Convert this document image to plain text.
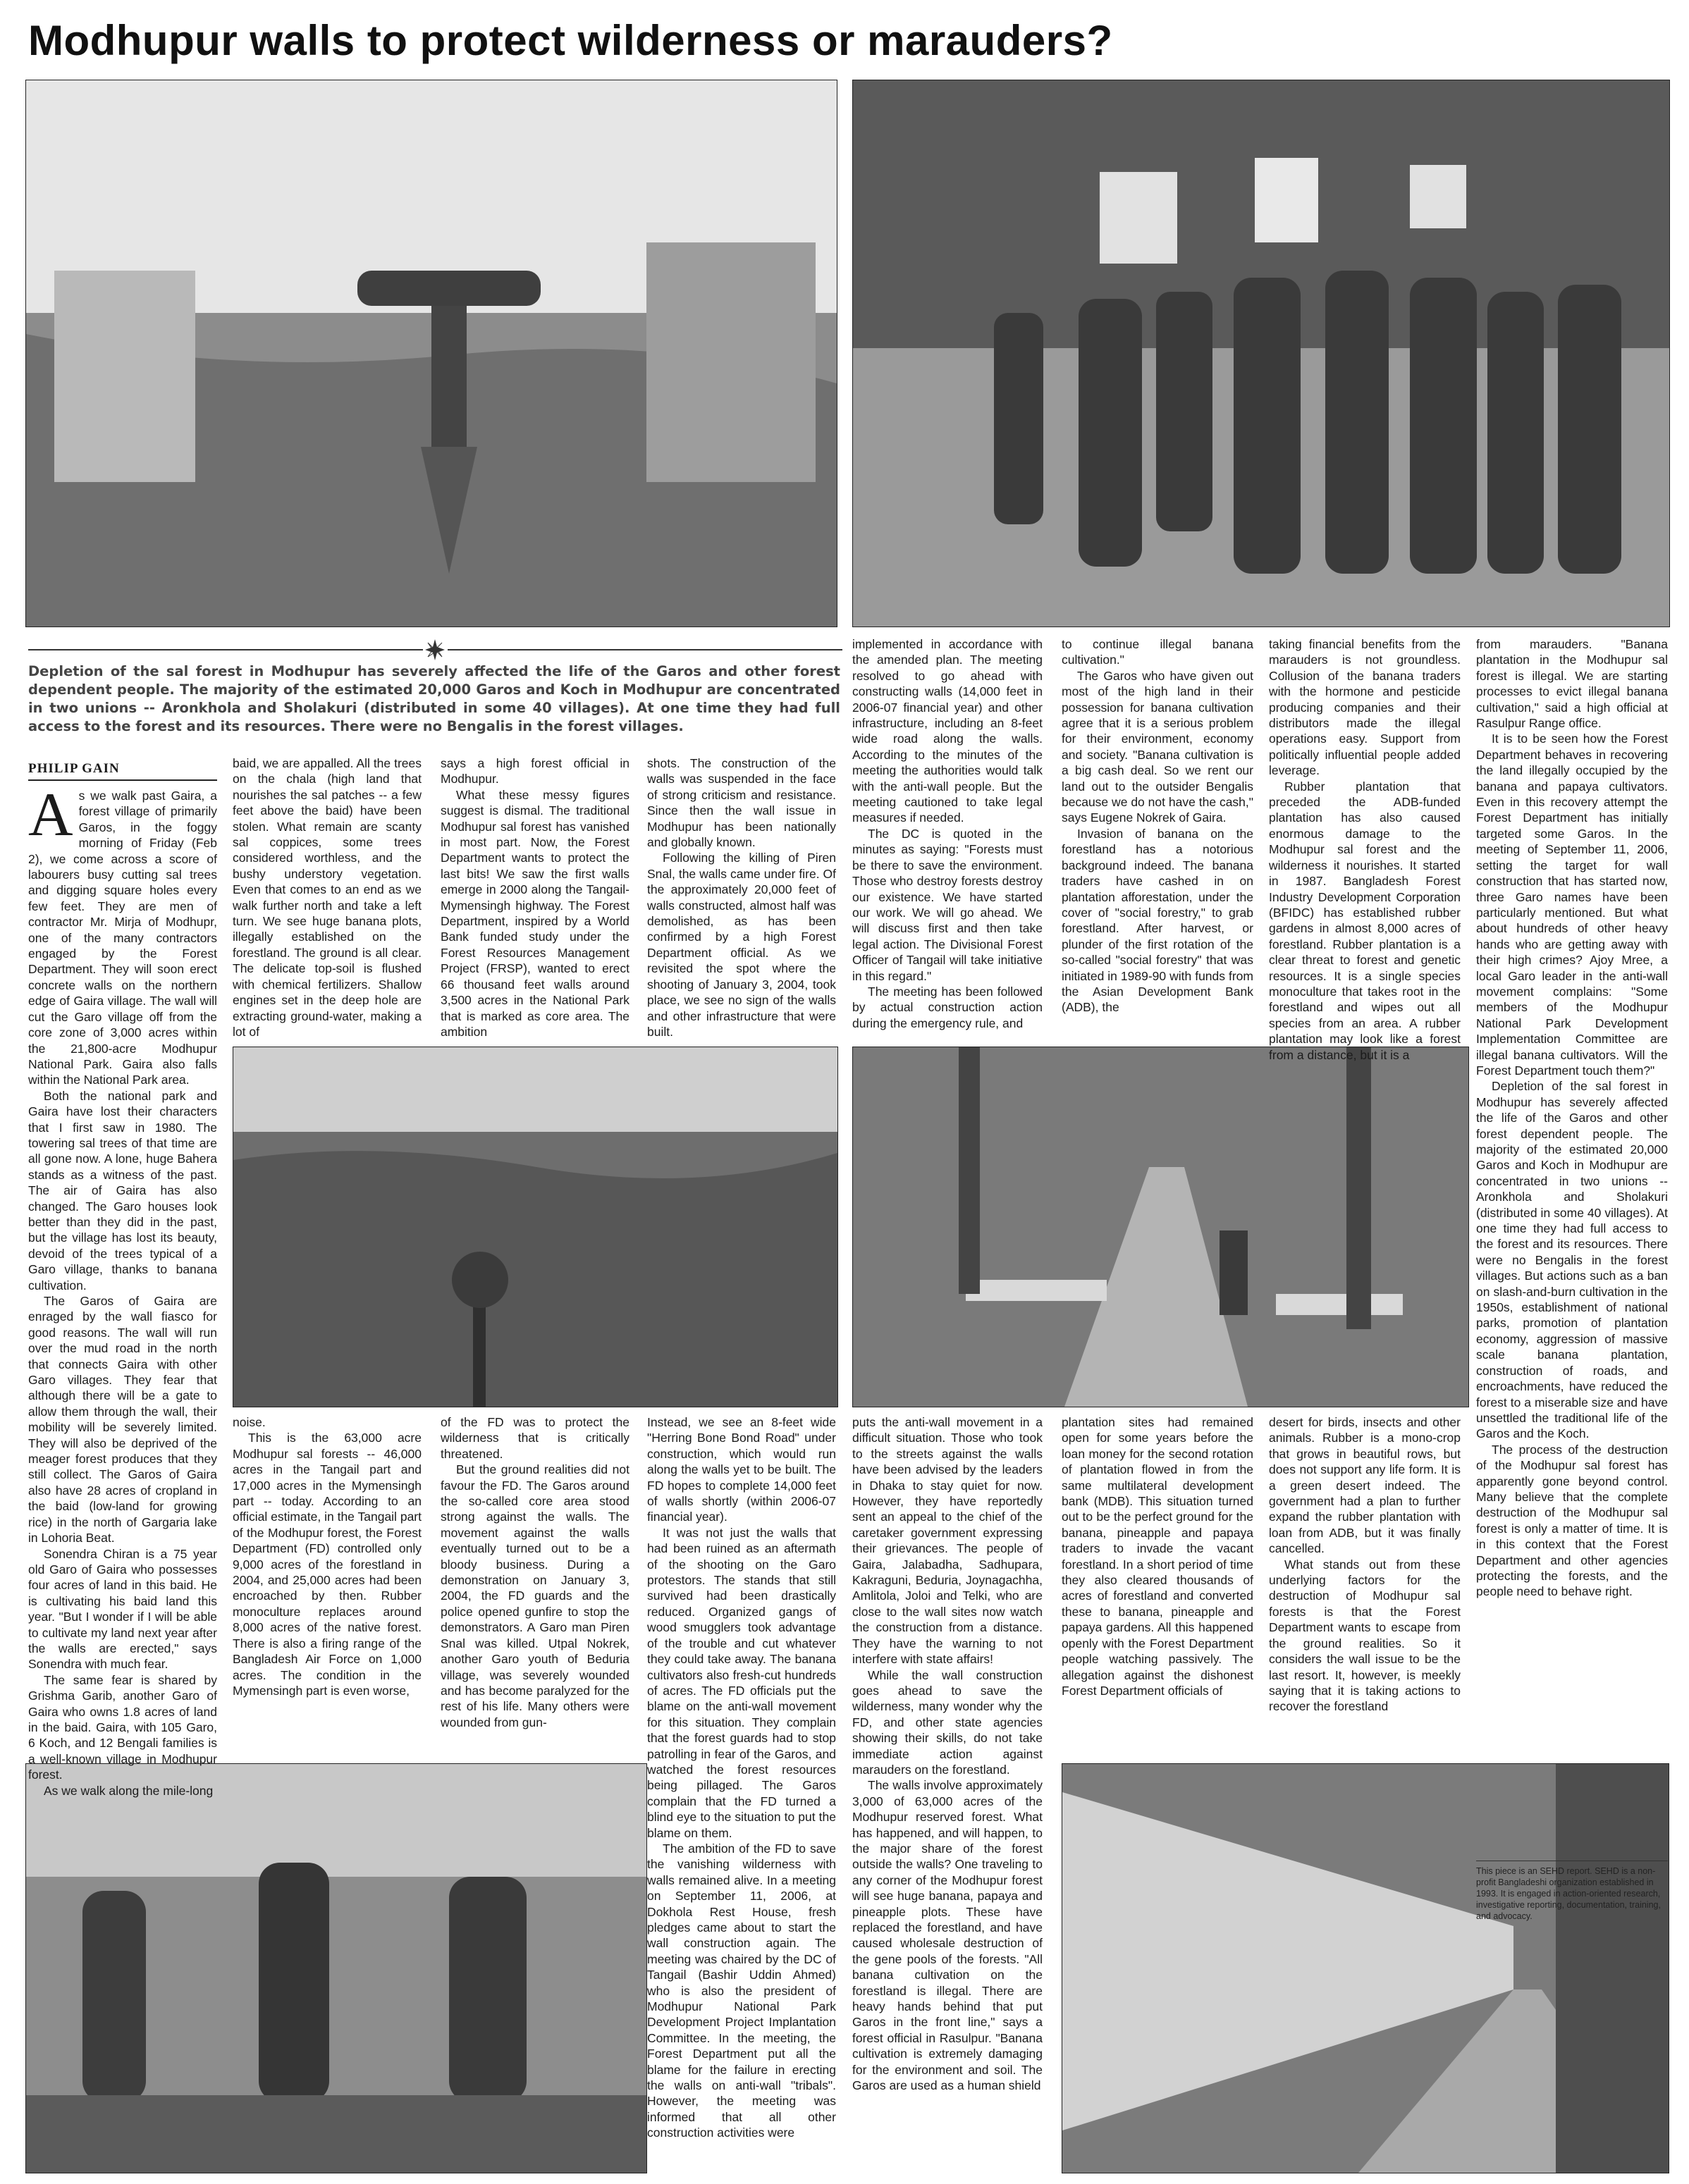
Modhupur walls to protect wilderness or marauders?
Depletion of the sal forest in Modhupur has severely affected the life of the Garos and other forest dependent people. The majority of the estimated 20,000 Garos and Koch in Modhupur are concentrated in two unions -- Aronkhola and Sholakuri (distributed in some 40 villages). At one time they had full access to the forest and its resources. There were no Bengalis in the forest villages.
PHILIP GAIN

As we walk past Gaira, a forest village of primarily Garos, in the foggy morning of Friday (Feb 2), we come across a score of labourers busy cutting sal trees and digging square holes every few feet. They are men of contractor Mr. Mirja of Modhupr, one of the many contractors engaged by the Forest Department. They will soon erect concrete walls on the northern edge of Gaira village. The wall will cut the Garo village off from the core zone of 3,000 acres within the 21,800-acre Modhupur National Park. Gaira also falls within the National Park area.

Both the national park and Gaira have lost their characters that I first saw in 1980. The towering sal trees of that time are all gone now. A lone, huge Bahera stands as a witness of the past. The air of Gaira has also changed. The Garo houses look better than they did in the past, but the village has lost its beauty, devoid of the trees typical of a Garo village, thanks to banana cultivation.

The Garos of Gaira are enraged by the wall fiasco for good reasons. The wall will run over the mud road in the north that connects Gaira with other Garo villages. They fear that although there will be a gate to allow them through the wall, their mobility will be severely limited. They will also be deprived of the meager forest produces that they still collect. The Garos of Gaira also have 28 acres of cropland in the baid (low-land for growing rice) in the north of Gargaria lake in Lohoria Beat.

Sonendra Chiran is a 75 year old Garo of Gaira who possesses four acres of land in this baid. He is cultivating his baid land this year. "But I wonder if I will be able to cultivate my land next year after the walls are erected," says Sonendra with much fear.

The same fear is shared by Grishma Garib, another Garo of Gaira who owns 1.8 acres of land in the baid. Gaira, with 105 Garo, 6 Koch, and 12 Bengali families is a well-known village in Modhupur forest.

As we walk along the mile-long

baid, we are appalled. All the trees on the chala (high land that nourishes the sal patches -- a few feet above the baid) have been stolen. What remain are scanty sal coppices, some trees considered worthless, and the bushy understory vegetation. Even that comes to an end as we walk further north and take a left turn. We see huge banana plots, illegally established on the forestland. The ground is all clear. The delicate top-soil is flushed with chemical fertilizers. Shallow engines set in the deep hole are extracting ground-water, making a lot of

says a high forest official in Modhupur.

What these messy figures suggest is dismal. The traditional Modhupur sal forest has vanished in most part. Now, the Forest Department wants to protect the last bits! We saw the first walls emerge in 2000 along the Tangail-Mymensingh highway. The Forest Department, inspired by a World Bank funded study under the Forest Resources Management Project (FRSP), wanted to erect 66 thousand feet walls around 3,500 acres in the National Park that is marked as core area. The ambition

shots. The construction of the walls was suspended in the face of strong criticism and resistance. Since then the wall issue in Modhupur has been nationally and globally known.

Following the killing of Piren Snal, the walls came under fire. Of the approximately 20,000 feet of walls constructed, almost half was demolished, as has been confirmed by a high Forest Department official. As we revisited the spot where the shooting of January 3, 2004, took place, we see no sign of the walls and other infrastructure that were built.

implemented in accordance with the amended plan. The meeting resolved to go ahead with constructing walls (14,000 feet in 2006-07 financial year) and other infrastructure, including an 8-feet wide road along the walls. According to the minutes of the meeting the authorities would talk with the anti-wall people. But the meeting cautioned to take legal measures if needed.

The DC is quoted in the minutes as saying: "Forests must be there to save the environment. Those who destroy forests destroy our existence. We have started our work. We will go ahead. We will discuss first and then take legal action. The Divisional Forest Officer of Tangail will take initiative in this regard."

The meeting has been followed by actual construction action during the emergency rule, and

to continue illegal banana cultivation."

The Garos who have given out most of the high land in their possession for banana cultivation agree that it is a serious problem for their environment, economy and society. "Banana cultivation is a big cash deal. So we rent our land out to the outsider Bengalis because we do not have the cash," says Eugene Nokrek of Gaira.

Invasion of banana on the forestland has a notorious background indeed. The banana traders have cashed in on plantation afforestation, under the cover of "social forestry," to grab forestland. After harvest, or plunder of the first rotation of the so-called "social forestry" that was initiated in 1989-90 with funds from the Asian Development Bank (ADB), the

taking financial benefits from the marauders is not groundless. Collusion of the banana traders with the hormone and pesticide producing companies and their distributors made the illegal operations easy. Support from politically influential people added leverage.

Rubber plantation that preceded the ADB-funded plantation has also caused enormous damage to the Modhupur sal forest and the wilderness it nourishes. It started in 1987. Bangladesh Forest Industry Development Corporation (BFIDC) has established rubber gardens in almost 8,000 acres of forestland. Rubber plantation is a clear threat to forest and genetic resources. It is a single species monoculture that takes root in the forestland and wipes out all species from an area. A rubber plantation may look like a forest from a distance, but it is a

from marauders. "Banana plantation in the Modhupur sal forest is illegal. We are starting processes to evict illegal banana cultivation," said a high official at Rasulpur Range office.

It is to be seen how the Forest Department behaves in recovering the land illegally occupied by the banana and papaya cultivators. Even in this recovery attempt the Forest Department has initially targeted some Garos. In the meeting of September 11, 2006, setting the target for wall construction that has started now, three Garo names have been particularly mentioned. But what about hundreds of other heavy hands who are getting away with their high crimes? Ajoy Mree, a local Garo leader in the anti-wall movement complains: "Some members of the Modhupur National Park Development Implementation Committee are illegal banana cultivators. Will the Forest Department touch them?"

Depletion of the sal forest in Modhupur has severely affected the life of the Garos and other forest dependent people. The majority of the estimated 20,000 Garos and Koch in Modhupur are concentrated in two unions -- Aronkhola and Sholakuri (distributed in some 40 villages). At one time they had full access to the forest and its resources. There were no Bengalis in the forest villages. But actions such as a ban on slash-and-burn cultivation in the 1950s, establishment of national parks, promotion of plantation economy, aggression of massive scale banana plantation, construction of roads, and encroachments, have reduced the forest to a miserable size and have unsettled the traditional life of the Garos and the Koch.

The process of the destruction of the Modhupur sal forest has apparently gone beyond control. Many believe that the complete destruction of the Modhupur sal forest is only a matter of time. It is in this context that the Forest Department and other agencies protecting the forests, and the people need to behave right.

noise.

This is the 63,000 acre Modhupur sal forests -- 46,000 acres in the Tangail part and 17,000 acres in the Mymensingh part -- today. According to an official estimate, in the Tangail part of the Modhupur forest, the Forest Department (FD) controlled only 9,000 acres of the forestland in 2004, and 25,000 acres had been encroached by then. Rubber monoculture replaces around 8,000 acres of the native forest. There is also a firing range of the Bangladesh Air Force on 1,000 acres. The condition in the Mymensingh part is even worse,

of the FD was to protect the wilderness that is critically threatened.

But the ground realities did not favour the FD. The Garos around the so-called core area stood strong against the walls. The movement against the walls eventually turned out to be a bloody business. During a demonstration on January 3, 2004, the FD guards and the police opened gunfire to stop the demonstrators. A Garo man Piren Snal was killed. Utpal Nokrek, another Garo youth of Beduria village, was severely wounded and has become paralyzed for the rest of his life. Many others were wounded from gun-

Instead, we see an 8-feet wide "Herring Bone Bond Road" under construction, which would run along the walls yet to be built. The FD hopes to complete 14,000 feet of walls shortly (within 2006-07 financial year).

It was not just the walls that had been ruined as an aftermath of the shooting on the Garo protestors. The stands that still survived had been drastically reduced. Organized gangs of wood smugglers took advantage of the trouble and cut whatever they could take away. The banana cultivators also fresh-cut hundreds of acres. The FD officials put the blame on the anti-wall movement for this situation. They complain that the forest guards had to stop patrolling in fear of the Garos, and watched the forest resources being pillaged. The Garos complain that the FD turned a blind eye to the situation to put the blame on them.

The ambition of the FD to save the vanishing wilderness with walls remained alive. In a meeting on September 11, 2006, at Dokhola Rest House, fresh pledges came about to start the wall construction again. The meeting was chaired by the DC of Tangail (Bashir Uddin Ahmed) who is also the president of Modhupur National Park Development Project Implantation Committee. In the meeting, the Forest Department put all the blame for the failure in erecting the walls on anti-wall "tribals". However, the meeting was informed that all other construction activities were

puts the anti-wall movement in a difficult situation. Those who took to the streets against the walls have been advised by the leaders in Dhaka to stay quiet for now. However, they have reportedly sent an appeal to the chief of the caretaker government expressing their grievances. The people of Gaira, Jalabadha, Sadhupara, Kakraguni, Beduria, Joynagachha, Amlitola, Joloi and Telki, who are close to the wall sites now watch the construction from a distance. They have the warning to not interfere with state affairs!

While the wall construction goes ahead to save the wilderness, many wonder why the FD, and other state agencies showing their skills, do not take immediate action against marauders on the forestland.

The walls involve approximately 3,000 of 63,000 acres of the Modhupur reserved forest. What has happened, and will happen, to the major share of the forest outside the walls? One traveling to any corner of the Modhupur forest will see huge banana, papaya and pineapple plots. These have replaced the forestland, and have caused wholesale destruction of the gene pools of the forests. "All banana cultivation on the forestland is illegal. There are heavy hands behind that put Garos in the front line," says a forest official in Rasulpur. "Banana cultivation is extremely damaging for the environment and soil. The Garos are used as a human shield

plantation sites had remained open for some years before the loan money for the second rotation of plantation flowed in from the same multilateral development bank (MDB). This situation turned out to be the perfect ground for the banana, pineapple and papaya traders to invade the vacant forestland. In a short period of time they also cleared thousands of acres of forestland and converted these to banana, pineapple and papaya gardens. All this happened openly with the Forest Department people watching passively. The allegation against the dishonest Forest Department officials of

desert for birds, insects and other animals. Rubber is a mono-crop that grows in beautiful rows, but does not support any life form. It is a green desert indeed. The government had a plan to further expand the rubber plantation with loan from ADB, but it was finally cancelled.

What stands out from these underlying factors for the destruction of Modhupur sal forests is that the Forest Department wants to escape from the ground realities. So it considers the wall issue to be the last resort. It, however, is meekly saying that it is taking actions to recover the forestland

This piece is an SEHD report. SEHD is a non-profit Bangladeshi organization established in 1993. It is engaged in action-oriented research, investigative reporting, documentation, training, and advocacy.
